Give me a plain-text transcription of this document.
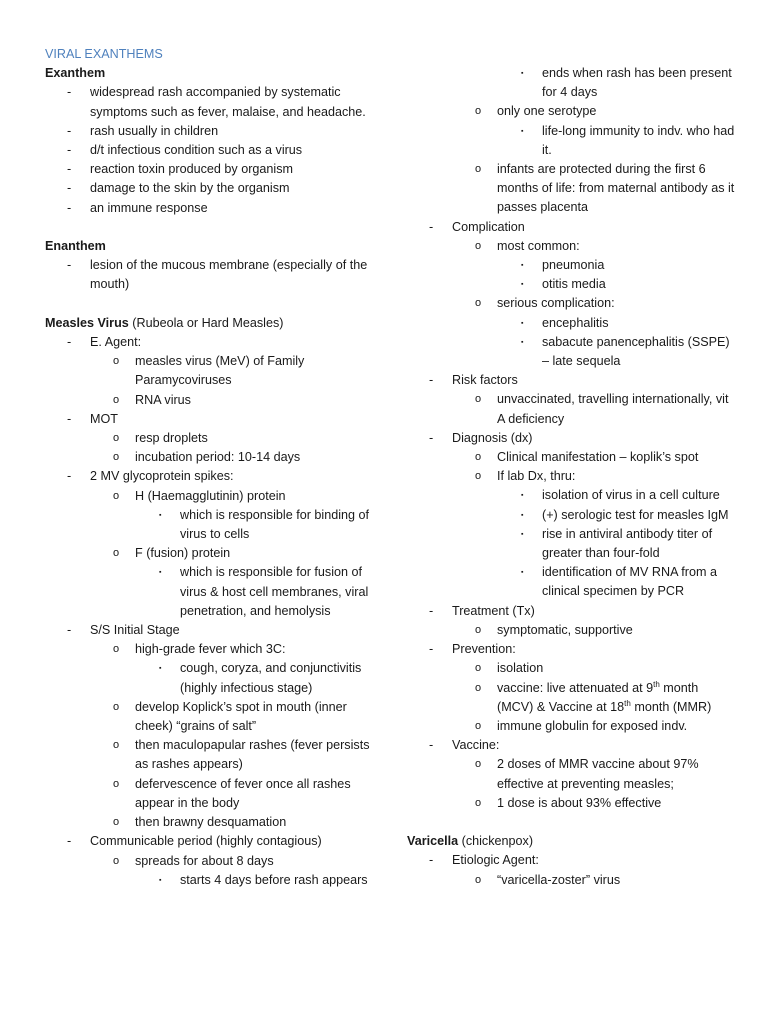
VIRAL EXANTHEMS
Exanthem
- widespread rash accompanied by systematic symptoms such as fever, malaise, and headache.
- rash usually in children
- d/t infectious condition such as a virus
- reaction toxin produced by organism
- damage to the skin by the organism
- an immune response
Enanthem
- lesion of the mucous membrane (especially of the mouth)
Measles Virus (Rubeola or Hard Measles)
- E. Agent:
o measles virus (MeV) of Family Paramycoviruses
o RNA virus
- MOT
o resp droplets
o incubation period: 10-14 days
- 2 MV glycoprotein spikes:
o H (Haemagglutinin) protein
▪ which is responsible for binding of virus to cells
o F (fusion) protein
▪ which is responsible for fusion of virus & host cell membranes, viral penetration, and hemolysis
- S/S Initial Stage
o high-grade fever which 3C:
▪ cough, coryza, and conjunctivitis (highly infectious stage)
o develop Koplick’s spot in mouth (inner cheek) “grains of salt”
o then maculopapular rashes (fever persists as rashes appears)
o defervescence of fever once all rashes appear in the body
o then brawny desquamation
- Communicable period (highly contagious)
o spreads for about 8 days
▪ starts 4 days before rash appears
▪ ends when rash has been present for 4 days
o only one serotype
▪ life-long immunity to indv. who had it.
o infants are protected during the first 6 months of life: from maternal antibody as it passes placenta
- Complication
o most common:
▪ pneumonia
▪ otitis media
o serious complication:
▪ encephalitis
▪ sabacute panencephalitis (SSPE) – late sequela
- Risk factors
o unvaccinated, travelling internationally, vit A deficiency
- Diagnosis (dx)
o Clinical manifestation – koplik’s spot
o If lab Dx, thru:
▪ isolation of virus in a cell culture
▪ (+) serologic test for measles IgM
▪ rise in antiviral antibody titer of greater than four-fold
▪ identification of MV RNA from a clinical specimen by PCR
- Treatment (Tx)
o symptomatic, supportive
- Prevention:
o isolation
o vaccine: live attenuated at 9th month (MCV) & Vaccine at 18th month (MMR)
o immune globulin for exposed indv.
- Vaccine:
o 2 doses of MMR vaccine about 97% effective at preventing measles;
o 1 dose is about 93% effective
Varicella (chickenpox)
- Etiologic Agent:
o “varicella-zoster” virus
